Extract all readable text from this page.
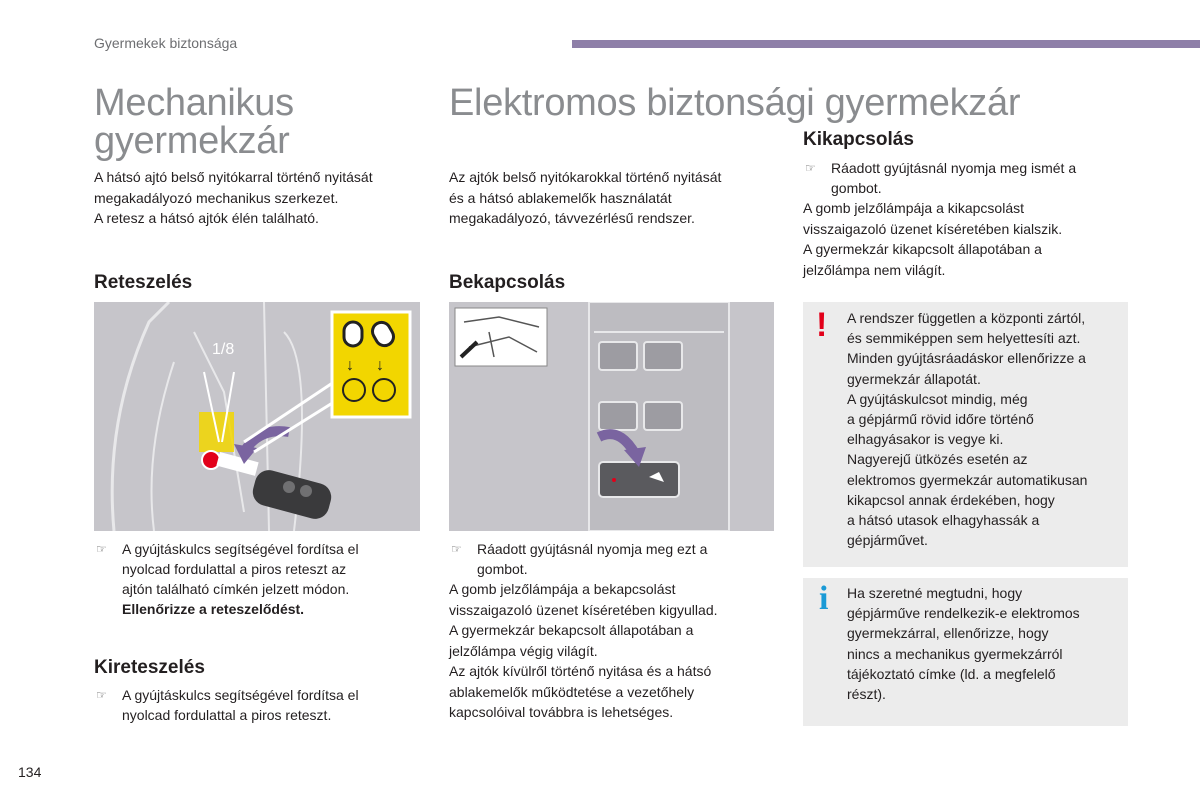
Gyermekek biztonsága
Mechanikus
gyermekzár

A hátsó ajtó belső nyitókarral történő nyitását

megakadályozó mechanikus szerkezet.

A retesz a hátsó ajtók élén található.

Reteszelés
1/8
↓ ↓
☞ A gyújtáskulcs segítségével fordítsa el
nyolcad fordulattal a piros reteszt az
ajtón található címkén jelzett módon.
Ellenőrizze a reteszelődést.
Kireteszelés
☞ A gyújtáskulcs segítségével fordítsa el
nyolcad fordulattal a piros reteszt.
Elektromos biztonsági gyermekzár

Az ajtók belső nyitókarokkal történő nyitását

és a hátsó ablakemelők használatát

megakadályozó, távvezérlésű rendszer.

Bekapcsolás
☞ Ráadott gyújtásnál nyomja meg ezt a
gombot.

A gomb jelzőlámpája a bekapcsolást

visszaigazoló üzenet kíséretében kigyullad.

A gyermekzár bekapcsolt állapotában a

jelzőlámpa végig világít.

Az ajtók kívülről történő nyitása és a hátsó

ablakemelők működtetése a vezetőhely

kapcsolóival továbbra is lehetséges.

Kikapcsolás
☞ Ráadott gyújtásnál nyomja meg ismét a
gombot.

A gomb jelzőlámpája a kikapcsolást

visszaigazoló üzenet kíséretében kialszik.

A gyermekzár kikapcsolt állapotában a

jelzőlámpa nem világít.

! A rendszer független a központi zártól,
és semmiképpen sem helyettesíti azt.
Minden gyújtásráadáskor ellenőrizze a
gyermekzár állapotát.
A gyújtáskulcsot mindig, még
a gépjármű rövid időre történő
elhagyásakor is vegye ki.
Nagyerejű ütközés esetén az
elektromos gyermekzár automatikusan
kikapcsol annak érdekében, hogy
a hátsó utasok elhagyhassák a
gépjárművet.
i Ha szeretné megtudni, hogy
gépjárműve rendelkezik-e elektromos
gyermekzárral, ellenőrizze, hogy
nincs a mechanikus gyermekzárról
tájékoztató címke (ld. a megfelelő
részt).
134
